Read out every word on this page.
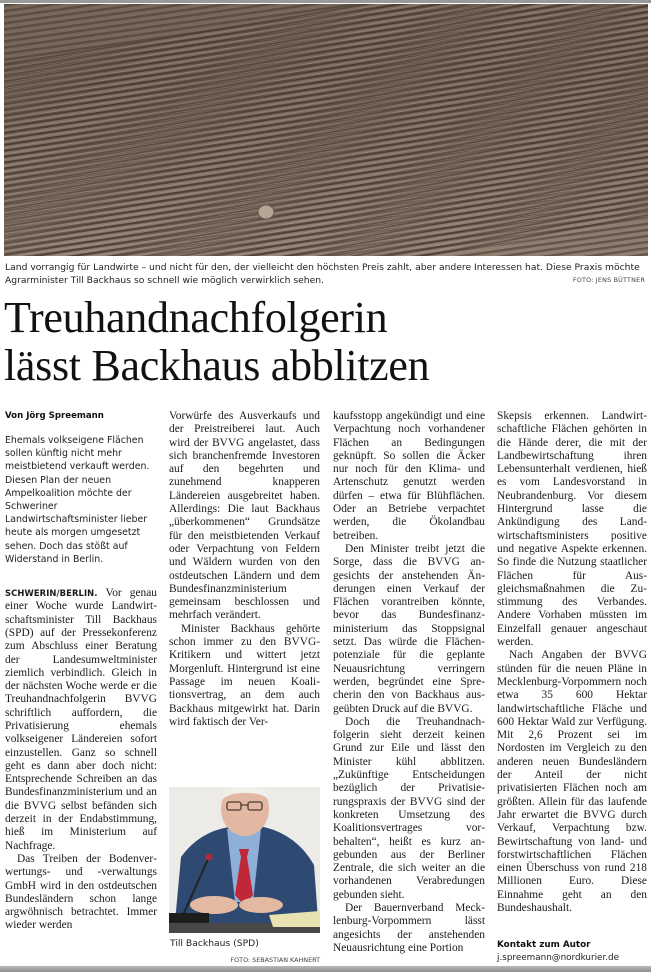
Land vorrangig für Landwirte – und nicht für den, der vielleicht den höchsten Preis zahlt, aber andere Interessen hat. Diese Praxis möchte Agrarminister Till Backhaus so schnell wie möglich verwirklich sehen.	FOTO: JENS BÜTTNER
Treuhandnachfolgerin
lässt Backhaus abblitzen
Von Jörg Spreemann
Ehemals volkseigene Flächen sollen künftig nicht mehr meistbietend verkauft werden. Diesen Plan der neuen Ampelkoalition möchte der Schweriner Landwirtschaftsminister lieber heute als morgen umgesetzt sehen. Doch das stößt auf Widerstand in Berlin.

SCHWERIN/BERLIN. Vor genau einer Woche wurde Landwirtschaftsminister Till Backhaus (SPD) auf der Pressekonferenz zum Abschluss einer Beratung der Landesumweltminister ziemlich verbindlich. Gleich in der nächsten Woche werde er die Treuhandnachfolgerin BVVG schriftlich auffordern, die Privatisierung ehemals volkseigener Ländereien sofort einzustellen. Ganz so schnell geht es dann aber doch nicht: Entsprechende Schreiben an das Bundesfinanzministerium und an die BVVG selbst befänden sich derzeit in der Endabstimmung, hieß im Ministerium auf Nachfrage.

Das Treiben der Bodenverwertungs- und -verwaltungs GmbH wird in den ostdeutschen Bundesländern schon lange argwöhnisch betrachtet. Immer wieder werden

Vorwürfe des Ausverkaufs und der Preistreiberei laut. Auch wird der BVVG angelastet, dass sich branchenfremde Investoren auf den begehrten und zunehmend knapperen Ländereien ausgebreitet haben. Allerdings: Die laut Backhaus „überkommenen“ Grundsätze für den meistbietenden Verkauf oder Verpachtung von Feldern und Wäldern wurden von den ostdeutschen Ländern und dem Bundesfinanzministerium gemeinsam beschlossen und mehrfach verändert.

Minister Backhaus gehörte schon immer zu den BVVG-Kritikern und wittert jetzt Morgenluft. Hintergrund ist eine Passage im neuen Koalitionsvertrag, an dem auch Backhaus mitgewirkt hat. Darin wird faktisch der Ver-

Till Backhaus (SPD)
FOTO: SEBASTIAN KAHNERT

kaufsstopp angekündigt und eine Verpachtung noch vorhandener Flächen an Bedingungen geknüpft. So sollen die Äcker nur noch für den Klima- und Artenschutz genutzt werden dürfen – etwa für Blühflächen. Oder an Betriebe verpachtet werden, die Ökolandbau betreiben.

Den Minister treibt jetzt die Sorge, dass die BVVG angesichts der anstehenden Änderungen einen Verkauf der Flächen vorantreiben könnte, bevor das Bundesfinanzministerium das Stoppsignal setzt. Das würde die Flächenpotenziale für die geplante Neuausrichtung verringern werden, begründet eine Sprecherin den von Backhaus ausgeübten Druck auf die BVVG.

Doch die Treuhandnachfolgerin sieht derzeit keinen Grund zur Eile und lässt den Minister kühl abblitzen. „Zukünftige Entscheidungen bezüglich der Privatisierungspraxis der BVVG sind der konkreten Umsetzung des Koalitionsvertrages vorbehalten“, heißt es kurz angebunden aus der Berliner Zentrale, die sich weiter an die vorhandenen Verabredungen gebunden sieht.

Der Bauernverband Mecklenburg-Vorpommern lässt angesichts der anstehenden Neuausrichtung eine Portion

Skepsis erkennen. Landwirtschaftliche Flächen gehörten in die Hände derer, die mit der Landbewirtschaftung ihren Lebensunterhalt verdienen, hieß es vom Landesvorstand in Neubrandenburg. Vor diesem Hintergrund lasse die Ankündigung des Landwirtschaftsministers positive und negative Aspekte erkennen. So finde die Nutzung staatlicher Flächen für Ausgleichsmaßnahmen die Zustimmung des Verbandes. Andere Vorhaben müssten im Einzelfall genauer angeschaut werden.

Nach Angaben der BVVG stünden für die neuen Pläne in Mecklenburg-Vorpommern noch etwa 35 600 Hektar landwirtschaftliche Fläche und 600 Hektar Wald zur Verfügung. Mit 2,6 Prozent sei im Nordosten im Vergleich zu den anderen neuen Bundesländern der Anteil der nicht privatisierten Flächen noch am größten. Allein für das laufende Jahr erwartet die BVVG durch Verkauf, Verpachtung bzw. Bewirtschaftung von land- und forstwirtschaftlichen Flächen einen Überschuss von rund 218 Millionen Euro. Diese Einnahme geht an den Bundeshaushalt.

Kontakt zum Autor
j.spreemann@nordkurier.de
